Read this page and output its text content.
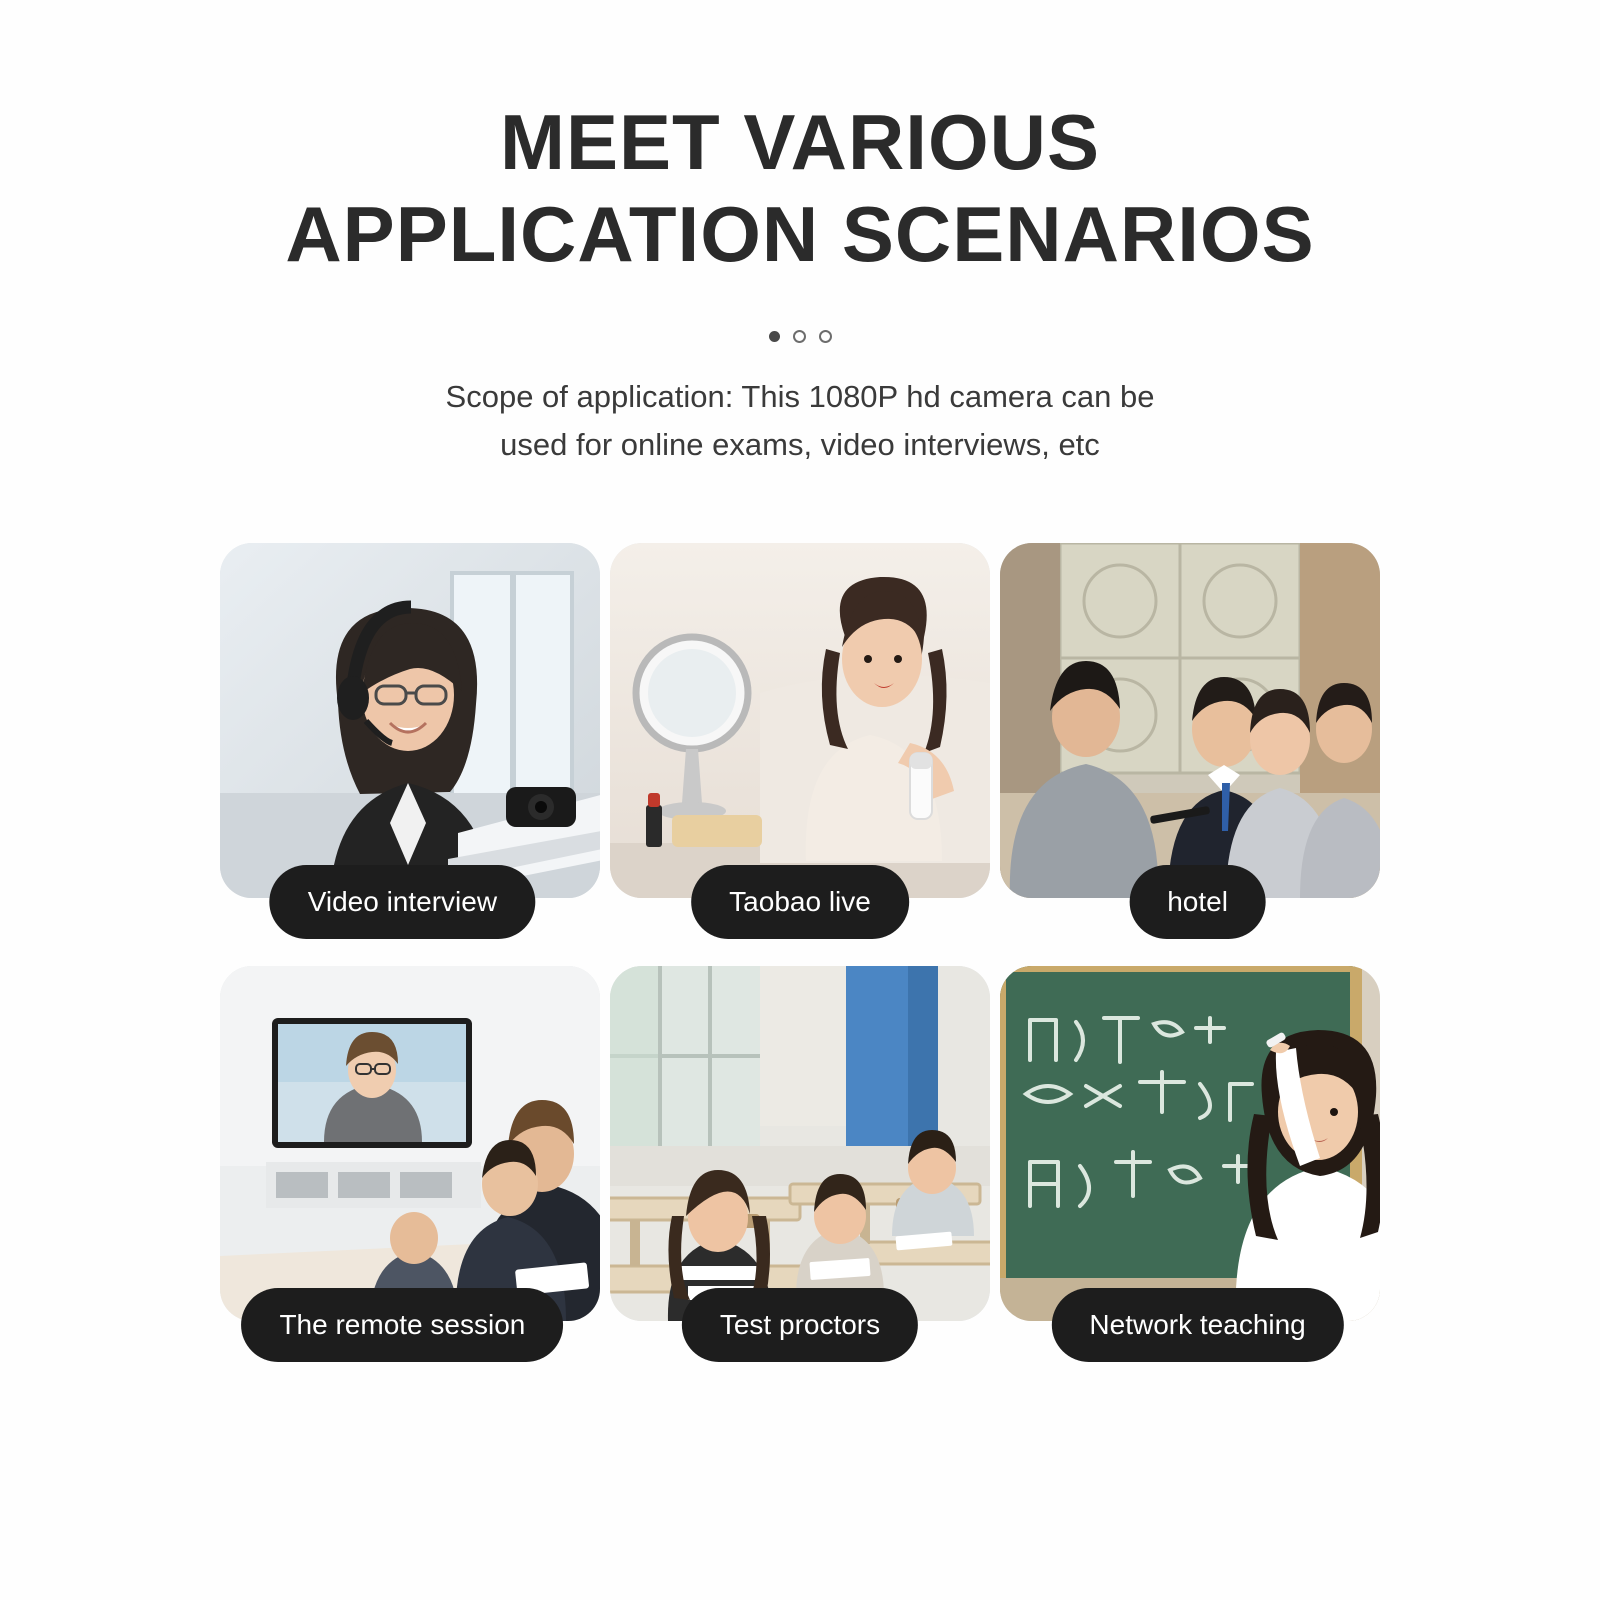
MEET VARIOUS
APPLICATION SCENARIOS

Scope of application: This 1080P hd camera can be
used for online exams, video interviews, etc

Video interview	Taobao live	hotel
The remote session	Test proctors	Network teaching
